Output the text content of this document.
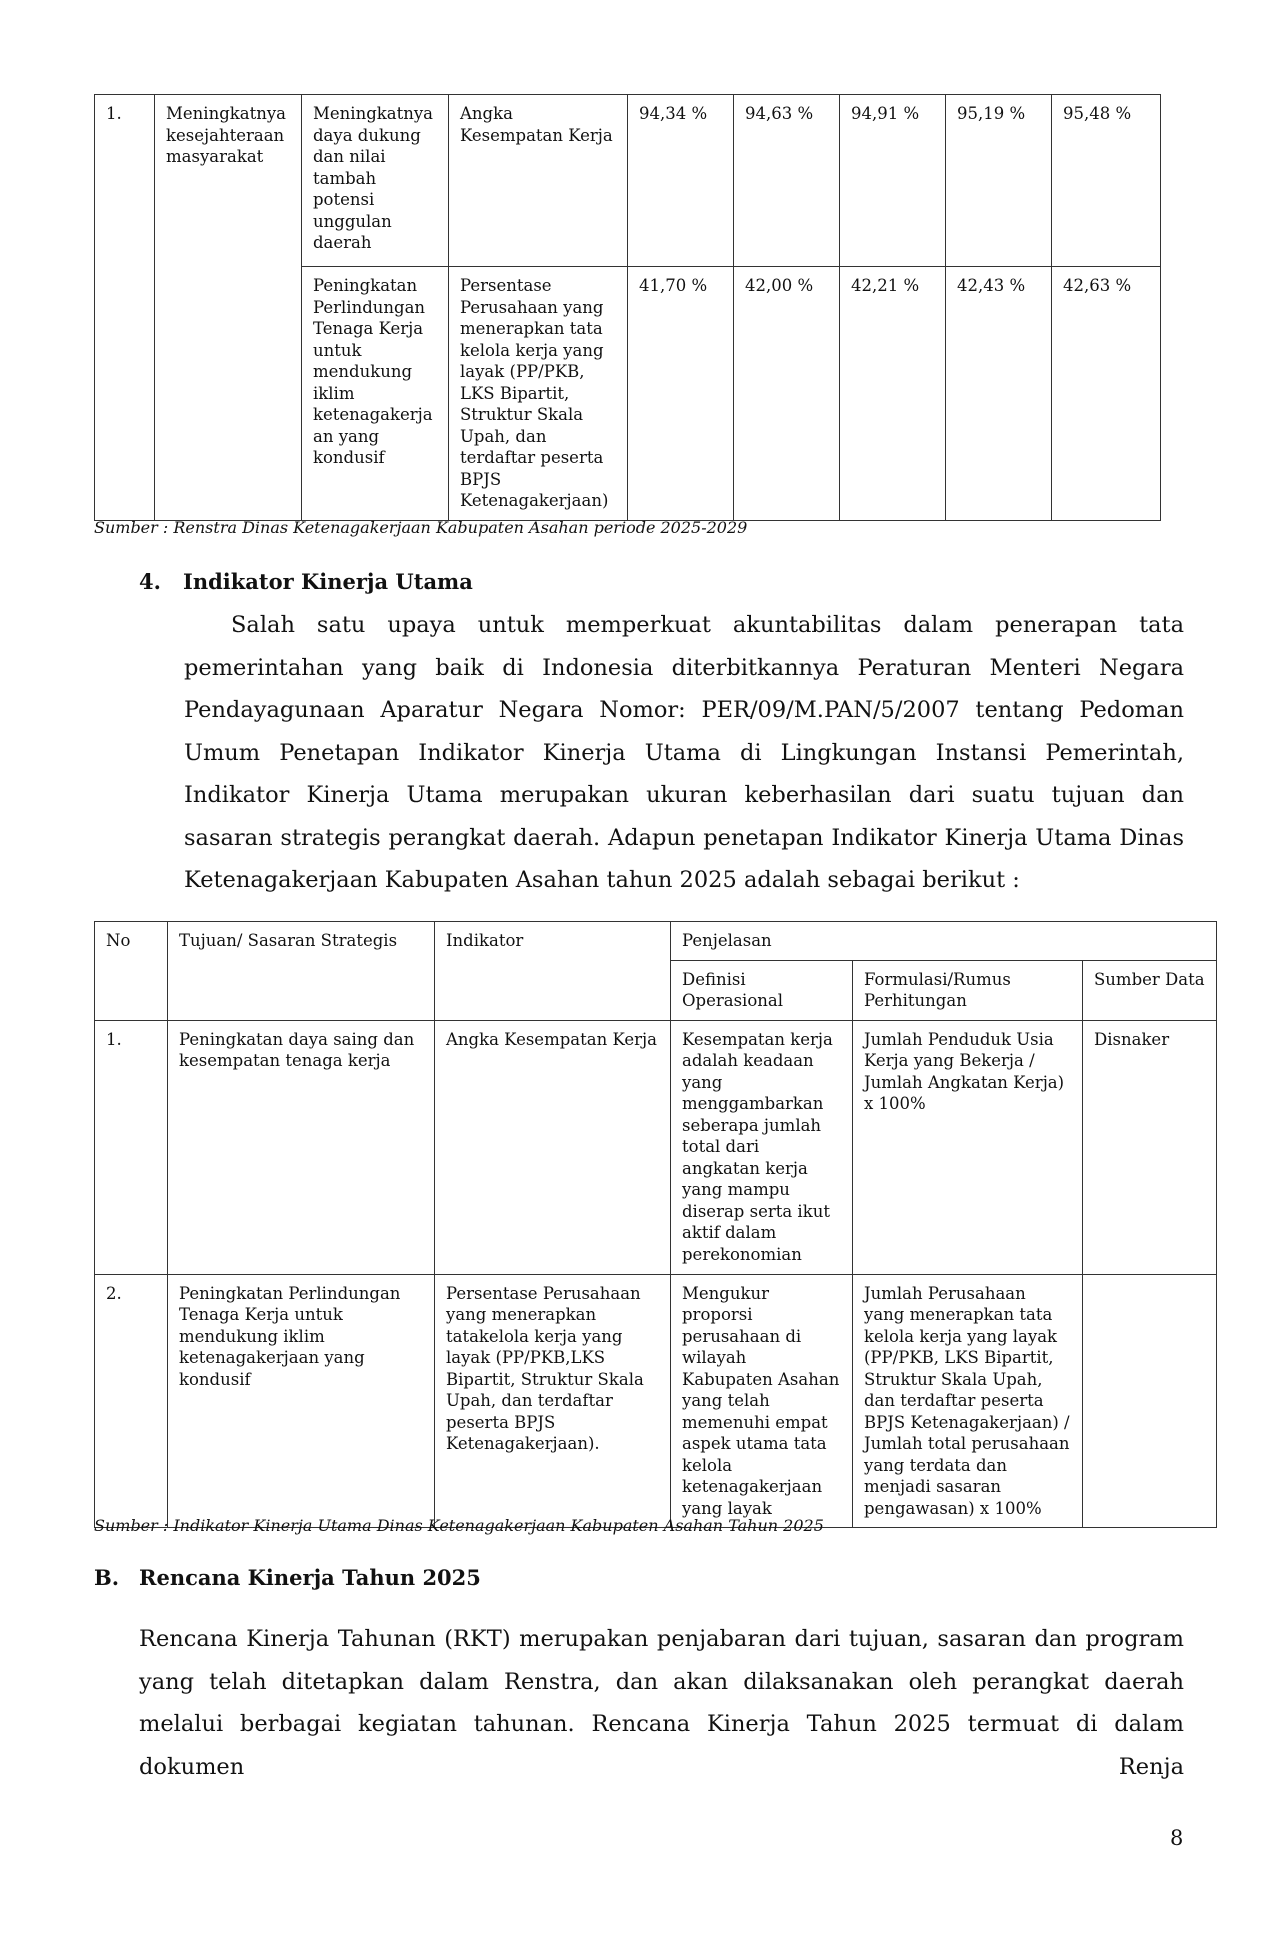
1.	Meningkatnya kesejahteraan masyarakat	Meningkatnya daya dukung dan nilai tambah potensi unggulan daerah	Angka Kesempatan Kerja	94,34 %	94,63 %	94,91 %	95,19 %	95,48 %
		Peningkatan Perlindungan Tenaga Kerja untuk mendukung iklim ketenagakerja an yang kondusif	Persentase Perusahaan yang menerapkan tata kelola kerja yang layak (PP/PKB, LKS Bipartit, Struktur Skala Upah, dan terdaftar peserta BPJS Ketenagakerjaan)	41,70 %	42,00 %	42,21 %	42,43 %	42,63 %
Sumber : Renstra Dinas Ketenagakerjaan Kabupaten Asahan periode 2025-2029
4. Indikator Kinerja Utama

Salah satu upaya untuk memperkuat akuntabilitas dalam penerapan tata pemerintahan yang baik di Indonesia diterbitkannya Peraturan Menteri Negara Pendayagunaan Aparatur Negara Nomor: PER/09/M.PAN/5/2007 tentang Pedoman Umum Penetapan Indikator Kinerja Utama di Lingkungan Instansi Pemerintah, Indikator Kinerja Utama merupakan ukuran keberhasilan dari suatu tujuan dan sasaran strategis perangkat daerah. Adapun penetapan Indikator Kinerja Utama Dinas Ketenagakerjaan Kabupaten Asahan tahun 2025 adalah sebagai berikut :

No	Tujuan/ Sasaran Strategis	Indikator	Penjelasan		
			Definisi Operasional	Formulasi/Rumus Perhitungan	Sumber Data
1.	Peningkatan daya saing dan kesempatan tenaga kerja	Angka Kesempatan Kerja	Kesempatan kerja adalah keadaan yang menggambarkan seberapa jumlah total dari angkatan kerja yang mampu diserap serta ikut aktif dalam perekonomian	Jumlah Penduduk Usia Kerja yang Bekerja / Jumlah Angkatan Kerja) x 100%	Disnaker
2.	Peningkatan Perlindungan Tenaga Kerja untuk mendukung iklim ketenagakerjaan yang kondusif	Persentase Perusahaan yang menerapkan tatakelola kerja yang layak (PP/PKB,LKS Bipartit, Struktur Skala Upah, dan terdaftar peserta BPJS Ketenagakerjaan).	Mengukur proporsi perusahaan di wilayah Kabupaten Asahan yang telah memenuhi empat aspek utama tata kelola ketenagakerjaan yang layak	Jumlah Perusahaan yang menerapkan tata kelola kerja yang layak (PP/PKB, LKS Bipartit, Struktur Skala Upah, dan terdaftar peserta BPJS Ketenagakerjaan) / Jumlah total perusahaan yang terdata dan menjadi sasaran pengawasan) x 100%	
Sumber : Indikator Kinerja Utama Dinas Ketenagakerjaan Kabupaten Asahan Tahun 2025
B. Rencana Kinerja Tahun 2025

Rencana Kinerja Tahunan (RKT) merupakan penjabaran dari tujuan, sasaran dan program yang telah ditetapkan dalam Renstra, dan akan dilaksanakan oleh perangkat daerah melalui berbagai kegiatan tahunan. Rencana Kinerja Tahun 2025 termuat di dalam dokumen Renja

8
